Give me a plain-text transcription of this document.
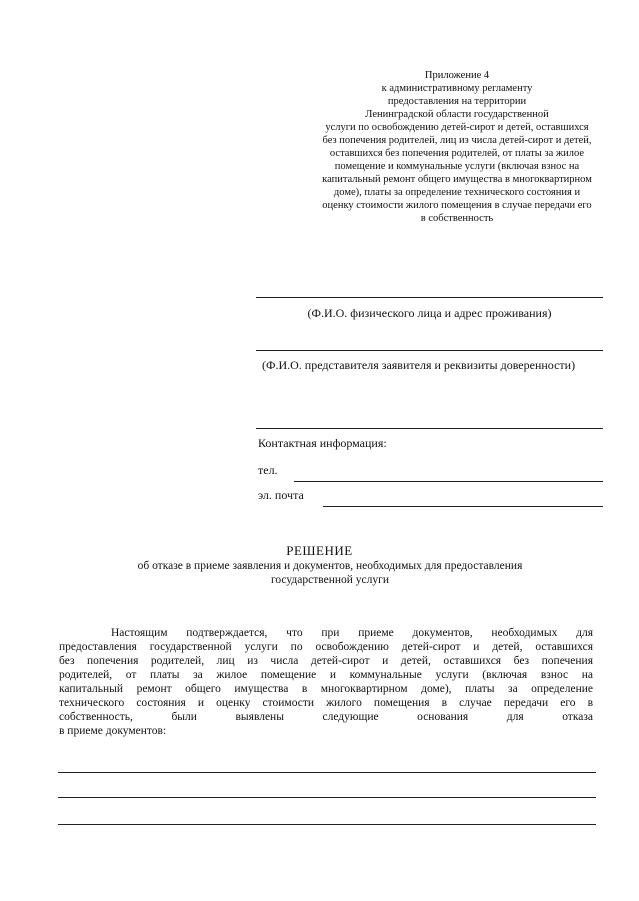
Приложение 4
к административному регламенту
предоставления на территории
Ленинградской области государственной
услуги по освобождению детей-сирот и детей, оставшихся
без попечения родителей, лиц из числа детей-сирот и детей,
оставшихся без попечения родителей, от платы за жилое
помещение и коммунальные услуги (включая взнос на
капитальный ремонт общего имущества в многоквартирном
доме), платы за определение технического состояния и
оценку стоимости жилого помещения в случае передачи его
в собственность
(Ф.И.О. физического лица и адрес проживания)
(Ф.И.О. представителя заявителя и реквизиты доверенности)
Контактная информация:
тел.
эл. почта
РЕШЕНИЕ
об отказе в приеме заявления и документов, необходимых для предоставления
государственной услуги
Настоящим подтверждается, что при приеме документов, необходимых для
предоставления государственной услуги по освобождению детей-сирот и детей, оставшихся
без попечения родителей, лиц из числа детей-сирот и детей, оставшихся без попечения
родителей, от платы за жилое помещение и коммунальные услуги (включая взнос на
капитальный ремонт общего имущества в многоквартирном доме), платы за определение
технического состояния и оценку стоимости жилого помещения в случае передачи его в
собственность, были выявлены следующие основания для отказа
в приеме документов:
